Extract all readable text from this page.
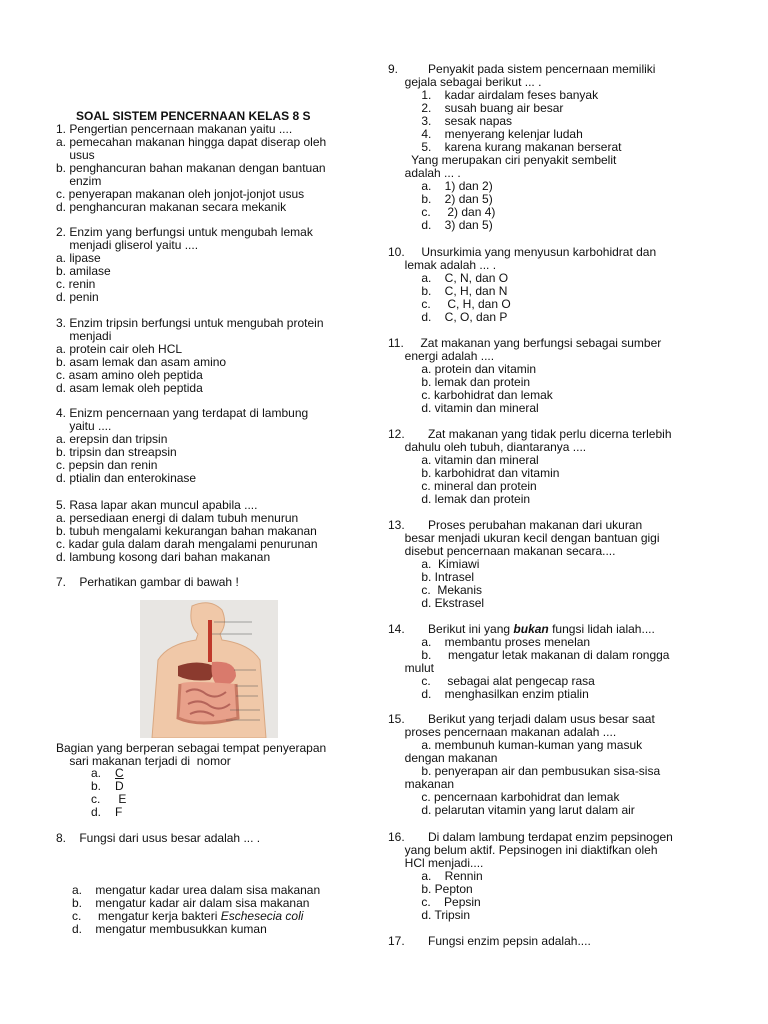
SOAL SISTEM PENCERNAAN KELAS 8 S
1. Pengertian pencernaan makanan yaitu ....
a. pemecahan makanan hingga dapat diserap oleh
usus
b. penghancuran bahan makanan dengan bantuan
enzim
c. penyerapan makanan oleh jonjot-jonjot usus
d. penghancuran makanan secara mekanik
2. Enzim yang berfungsi untuk mengubah lemak
menjadi gliserol yaitu ....
a. lipase
b. amilase
c. renin
d. penin
3. Enzim tripsin berfungsi untuk mengubah protein
menjadi
a. protein cair oleh HCL
b. asam lemak dan asam amino
c. asam amino oleh peptida
d. asam lemak oleh peptida
4. Enizm pencernaan yang terdapat di lambung
yaitu ....
a. erepsin dan tripsin
b. tripsin dan streapsin
c. pepsin dan renin
d. ptialin dan enterokinase
5. Rasa lapar akan muncul apabila ....
a. persediaan energi di dalam tubuh menurun
b. tubuh mengalami kekurangan bahan makanan
c. kadar gula dalam darah mengalami penurunan
d. lambung kosong dari bahan makanan
7.    Perhatikan gambar di bawah !
Bagian yang berperan sebagai tempat penyerapan
sari makanan terjadi di  nomor
a. C
b. D
c. E
d. F
8.    Fungsi dari usus besar adalah ... .
a.    mengatur kadar urea dalam sisa makanan
b.    mengatur kadar air dalam sisa makanan
c.     mengatur kerja bakteri Eschesecia coli
d.    mengatur membusukkan kuman
9.         Penyakit pada sistem pencernaan memiliki
gejala sebagai berikut ... .
1.    kadar airdalam feses banyak
2.    susah buang air besar
3.    sesak napas
4.    menyerang kelenjar ludah
5.    karena kurang makanan berserat
Yang merupakan ciri penyakit sembelit
adalah ... .
a.    1) dan 2)
b.    2) dan 5)
c.     2) dan 4)
d.    3) dan 5)
10.     Unsurkimia yang menyusun karbohidrat dan
lemak adalah ... .
a.    C, N, dan O
b.    C, H, dan N
c.     C, H, dan O
d.    C, O, dan P
11.     Zat makanan yang berfungsi sebagai sumber
energi adalah ....
a. protein dan vitamin
b. lemak dan protein
c. karbohidrat dan lemak
d. vitamin dan mineral
12.       Zat makanan yang tidak perlu dicerna terlebih
dahulu oleh tubuh, diantaranya ....
a. vitamin dan mineral
b. karbohidrat dan vitamin
c. mineral dan protein
d. lemak dan protein
13.       Proses perubahan makanan dari ukuran
besar menjadi ukuran kecil dengan bantuan gigi
disebut pencernaan makanan secara....
a.  Kimiawi
b. Intrasel
c.  Mekanis
d. Ekstrasel
14.       Berikut ini yang bukan fungsi lidah ialah....
a.    membantu proses menelan
b.     mengatur letak makanan di dalam rongga
mulut
c.     sebagai alat pengecap rasa
d.    menghasilkan enzim ptialin
15.       Berikut yang terjadi dalam usus besar saat
proses pencernaan makanan adalah ....
a. membunuh kuman-kuman yang masuk
dengan makanan
b. penyerapan air dan pembusukan sisa-sisa
makanan
c. pencernaan karbohidrat dan lemak
d. pelarutan vitamin yang larut dalam air
16.       Di dalam lambung terdapat enzim pepsinogen
yang belum aktif. Pepsinogen ini diaktifkan oleh
HCl menjadi....
a.    Rennin
b. Pepton
c.    Pepsin
d. Tripsin
17.       Fungsi enzim pepsin adalah....
